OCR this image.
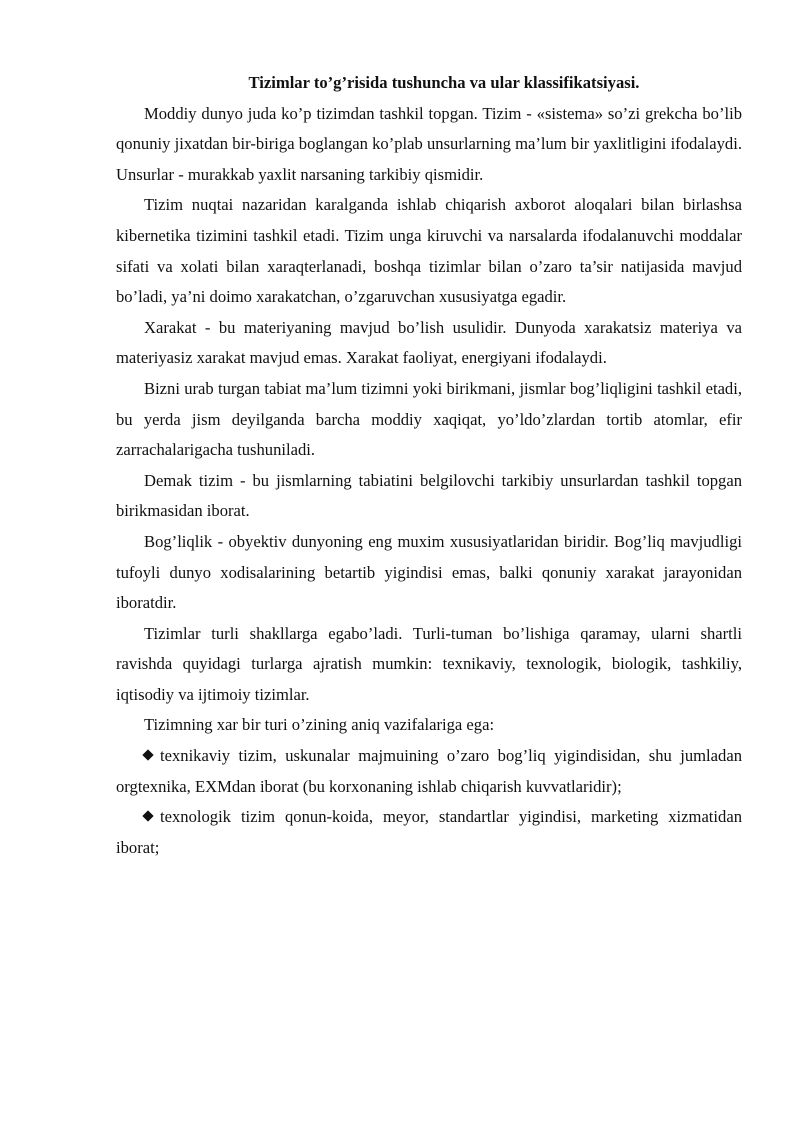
Tizimlar to’g’risida tushuncha va ular klassifikatsiyasi.

Moddiy dunyo juda ko’p tizimdan tashkil topgan. Tizim - «sistema» so’zi grekcha bo’lib qonuniy jixatdan bir-biriga boglangan ko’plab unsurlarning ma’lum bir yaxlitligini ifodalaydi. Unsurlar - murakkab yaxlit narsaning tarkibiy qismidir.

Tizim nuqtai nazaridan karalganda ishlab chiqarish axborot aloqalari bilan birlashsa kibernetika tizimini tashkil etadi. Tizim unga kiruvchi va narsalarda ifodalanuvchi moddalar sifati va xolati bilan xaraqterlanadi, boshqa tizimlar bilan o’zaro ta’sir natijasida mavjud bo’ladi, ya’ni doimo xarakatchan, o’zgaruvchan xususiyatga egadir.

Xarakat - bu materiyaning mavjud bo’lish usulidir. Dunyoda xarakatsiz materiya va materiyasiz xarakat mavjud emas. Xarakat faoliyat, energiyani ifodalaydi.

Bizni urab turgan tabiat ma’lum tizimni yoki birikmani, jismlar bog’liqligini tashkil etadi, bu yerda jism deyilganda barcha moddiy xaqiqat, yo’ldo’zlardan tortib atomlar, efir zarrachalarigacha tushuniladi.

Demak tizim - bu jismlarning tabiatini belgilovchi tarkibiy unsurlardan tashkil topgan birikmasidan iborat.

Bog’liqlik - obyektiv dunyoning eng muxim xususiyatlaridan biridir. Bog’liq mavjudligi tufoyli dunyo xodisalarining betartib yigindisi emas, balki qonuniy xarakat jarayonidan iboratdir.

Tizimlar turli shakllarga egabo’ladi. Turli-tuman bo’lishiga qaramay, ularni shartli ravishda quyidagi turlarga ajratish mumkin: texnikaviy, texnologik, biologik, tashkiliy, iqtisodiy va ijtimoiy tizimlar.

Tizimning xar bir turi o’zining aniq vazifalariga ega:

texnikaviy tizim, uskunalar majmuining o’zaro bog’liq yigindisidan, shu jumladan orgtexnika, EXMdan iborat (bu korxonaning ishlab chiqarish kuvvatlaridir);

texnologik tizim qonun-koida, meyor, standartlar yigindisi, marketing xizmatidan iborat;
